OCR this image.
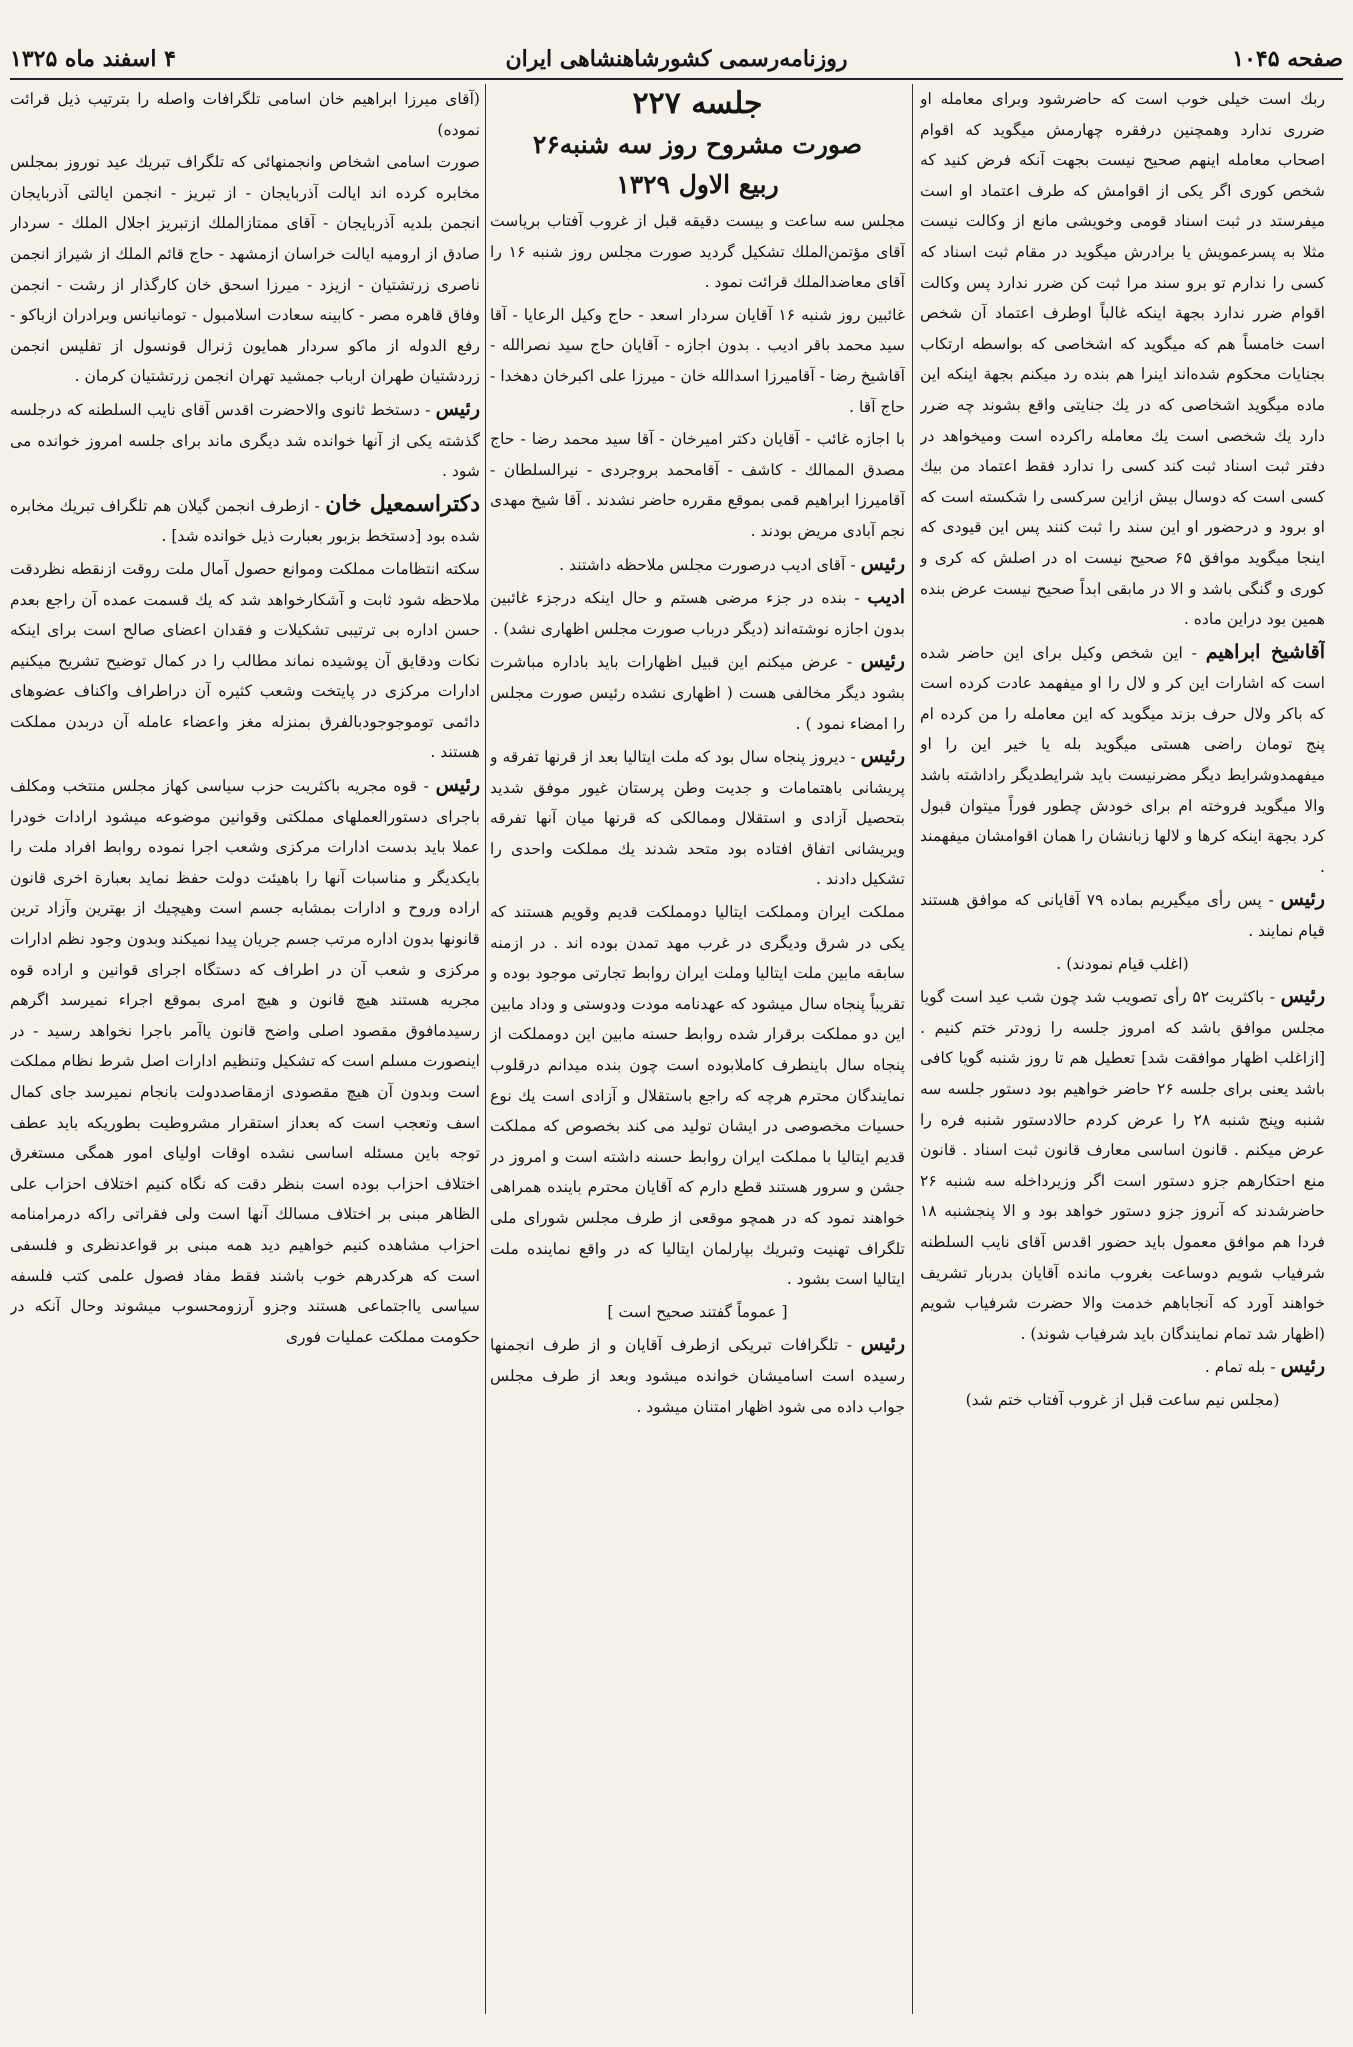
صفحه ۱۰۴۵
روزنامه‌رسمی کشورشاهنشاهی ایران
۴ اسفند ماه ۱۳۲۵

ربك است خیلی خوب است که حاضرشود وبرای معامله او ضرری ندارد وهمچنین درفقره چهارمش میگوید که اقوام اصحاب معامله اینهم صحیح نیست بجهت آنکه فرض کنید که شخص کوری اگر یکی از اقوامش که طرف اعتماد او است میفرستد در ثبت اسناد قومی وخویشی مانع از وکالت نیست مثلا به پسرعمویش یا برادرش میگوید در مقام ثبت اسناد که کسی را ندارم تو برو سند مرا ثبت کن ضرر ندارد پس وکالت اقوام ضرر ندارد بجهة اینکه غالباً اوطرف اعتماد آن شخص است خامساً هم که میگوید که اشخاصی که بواسطه ارتکاب بجنایات محکوم شده‌اند اینرا هم بنده رد میکنم بجهة اینکه این ماده میگوید اشخاصی که در یك جنایتی واقع بشوند چه ضرر دارد یك شخصی است یك معامله راکرده است ومیخواهد در دفتر ثبت اسناد ثبت کند کسی را ندارد فقط اعتماد من بیك کسی است که دوسال بیش ازاین سرکسی را شکسته است که او برود و درحضور او این سند را ثبت کنند پس این قیودی که اینجا میگوید موافق ۶۵ صحیح نیست اه در اصلش که کری و کوری و گنگی باشد و الا در مابقی ابداً صحیح نیست عرض بنده همین بود دراین ماده .

آقاشیخ ابراهیم - این شخص وکیل برای این حاضر شده است که اشارات این کر و لال را او میفهمد عادت کرده است که باکر ولال حرف بزند میگوید که این معامله را من کرده ام پنج تومان راضی هستی میگوید بله یا خیر این را او میفهمدوشرایط دیگر مضرنیست باید شرایطدیگر راداشته باشد والا میگوید فروخته ام برای خودش چطور فوراً میتوان قبول کرد بجهة اینکه کرها و لالها زبانشان را همان اقوامشان میفهمند .

رئیس - پس رأی میگیریم بماده ۷۹ آقایانی که موافق هستند قیام نمایند .

(اغلب قیام نمودند) .

رئیس - باکثریت ۵۲ رأی تصویب شد چون شب عید است گویا مجلس موافق باشد که امروز جلسه را زودتر ختم کنیم . [ازاغلب اظهار موافقت شد] تعطیل هم تا روز شنبه گویا کافی باشد یعنی برای جلسه ۲۶ حاضر خواهیم بود دستور جلسه سه شنبه وپنج شنبه ۲۸ را عرض کردم حالادستور شنبه فره را عرض میکنم . قانون اساسی معارف قانون ثبت اسناد . قانون منع احتکارهم جزو دستور است اگر وزیرداخله سه شنبه ۲۶ حاضرشدند که آنروز جزو دستور خواهد بود و الا پنجشنبه ۱۸ فردا هم موافق معمول باید حضور اقدس آقای نایب السلطنه شرفیاب شویم دوساعت بغروب مانده آقایان بدربار تشریف خواهند آورد که آنجاباهم خدمت والا حضرت شرفیاب شویم (اظهار شد تمام نمایندگان باید شرفیاب شوند) .

رئیس - بله تمام .

(مجلس نیم ساعت قبل از غروب آفتاب ختم شد)

جلسه ۲۲۷

صورت مشروح روز سه شنبه۲۶

ربیع الاول ۱۳۲۹

مجلس سه ساعت و بیست دقیقه قبل از غروب آفتاب بریاست آقای مؤتمن‌الملك تشكیل گردید صورت مجلس روز شنبه ۱۶ را آقای معاضدالملك قرائت نمود .

غائبین روز شنبه ۱۶ آقایان سردار اسعد - حاج وکیل الرعایا - آقا سید محمد باقر ادیب . بدون اجازه - آقایان حاج سید نصرالله - آقاشیخ رضا - آقامیرزا اسدالله خان - میرزا علی اکبرخان دهخدا - حاج آقا .

با اجازه غائب - آقایان دکتر امیرخان - آقا سید محمد رضا - حاج مصدق الممالك - کاشف - آقامحمد بروجردی - نیرالسلطان - آقامیرزا ابراهیم قمی بموقع مقرره حاضر نشدند . آقا شیخ مهدی نجم آبادی مریض بودند .

رئیس - آقای ادیب درصورت مجلس ملاحظه داشتند .

ادیب - بنده در جزء مرضی هستم و حال اینکه درجزء غائبین بدون اجازه نوشته‌اند (دیگر درباب صورت مجلس اظهاری نشد) .

رئیس - عرض میکنم این قبیل اظهارات باید باداره مباشرت بشود دیگر مخالفی هست ( اظهاری نشده رئیس صورت مجلس را امضاء نمود ) .

رئیس - دیروز پنجاه سال بود که ملت ایتالیا بعد از قرنها تفرقه و پریشانی باهتمامات و جدیت وطن پرستان غیور موفق شدید بتحصیل آزادی و استقلال وممالکی که قرنها میان آنها تفرقه ویریشانی اتفاق افتاده بود متحد شدند یك مملکت واحدی را تشکیل دادند .

مملکت ایران ومملکت ایتالیا دومملکت قدیم وقویم هستند که یکی در شرق ودیگری در غرب مهد تمدن بوده اند . در ازمنه سابقه مابین ملت ایتالیا وملت ایران روابط تجارتی موجود بوده و تقریباً پنجاه سال میشود که عهدنامه مودت ودوستی و وداد مابین این دو مملکت برقرار شده روابط حسنه مابین این دومملکت از پنجاه سال باینطرف کاملابوده است چون بنده میدانم درقلوب نمایندگان محترم هرچه که راجع باستقلال و آزادی است یك نوع حسیات مخصوصی در ایشان تولید می کند بخصوص که مملکت قدیم ایتالیا با مملکت ایران روابط حسنه داشته است و امروز در جشن و سرور هستند قطع دارم که آقایان محترم باینده همراهی خواهند نمود که در همچو موقعی از طرف مجلس شورای ملی تلگراف تهنیت وتبریك بپارلمان ایتالیا که در واقع نماینده ملت ایتالیا است بشود .

[ عموماً گفتند صحیح است ]

رئیس - تلگرافات تبریکی ازطرف آقایان و از طرف انجمنها رسیده است اسامیشان خوانده میشود وبعد از طرف مجلس جواب داده می شود اظهار امتنان میشود .

(آقای میرزا ابراهیم خان اسامی تلگرافات واصله را بترتیب ذیل قرائت نموده)

صورت اسامی اشخاص وانجمنهائی که تلگراف تبریك عید نوروز بمجلس مخابره کرده اند ایالت آذربایجان - از تبریز - انجمن ایالتی آذربایجان انجمن بلدیه آذربایجان - آقای ممتازالملك ازتبریز اجلال الملك - سردار صادق از ارومیه ایالت خراسان ازمشهد - حاج قائم الملك از شیراز انجمن ناصری زرتشتیان - ازیزد - میرزا اسحق خان کارگذار از رشت - انجمن وفاق قاهره مصر - کابینه سعادت اسلامبول - تومانیانس وبرادران ازباکو - رفع الدوله از ماکو سردار همایون ژنرال قونسول از تفلیس انجمن زردشتیان طهران ارباب جمشید تهران انجمن زرتشتیان کرمان .

رئیس - دستخط ثانوی والاحضرت اقدس آقای نایب السلطنه که درجلسه گذشته یکی از آنها خوانده شد دیگری ماند برای جلسه امروز خوانده می شود .

دکتراسمعیل خان - ازطرف انجمن گیلان هم تلگراف تبریك مخابره شده بود [دستخط بزبور بعبارت ذیل خوانده شد] .

سکته انتظامات مملکت وموانع حصول آمال ملت روقت ازنقطه نظردقت ملاحظه شود ثابت و آشکارخواهد شد که یك قسمت عمده آن راجع بعدم حسن اداره بی ترتیبی تشکیلات و فقدان اعضای صالح است برای اینکه نکات ودقایق آن پوشیده نماند مطالب را در کمال توضیح تشریح میکنیم ادارات مرکزی در پایتخت وشعب کثیره آن دراطراف واکناف عضوهای دائمی توموجوجودبالفرق بمنزله مغز واعضاء عامله آن دربدن مملکت هستند .

رئیس - قوه مجریه باکثریت حزب سیاسی کهاز مجلس منتخب ومکلف باجرای دستورالعملهای مملکتی وقوانین موضوعه میشود ارادات خودرا عملا باید بدست ادارات مرکزی وشعب اجرا نموده روابط افراد ملت را بایکدیگر و مناسبات آنها را باهیئت دولت حفظ نماید بعبارة اخری قانون اراده وروح و ادارات بمشابه جسم است وهیچیك از بهترین وآزاد ترین قانونها بدون اداره مرتب جسم جریان پیدا نمیکند وبدون وجود نظم ادارات مرکزی و شعب آن در اطراف که دستگاه اجرای قوانین و اراده قوه مجریه هستند هیچ قانون و هیچ امری بموقع اجراء نمیرسد اگرهم رسیدمافوق مقصود اصلی واضح قانون یاآمر باجرا نخواهد رسید - در اینصورت مسلم است که تشکیل وتنظیم ادارات اصل شرط نظام مملکت است وبدون آن هیچ مقصودی ازمقاصددولت بانجام نمیرسد جای کمال اسف وتعجب است که بعداز استقرار مشروطیت بطوریکه باید عطف توجه باین مسئله اساسی نشده اوقات اولیای امور همگی مستغرق اختلاف احزاب بوده است بنظر دقت که نگاه کنیم اختلاف احزاب علی الظاهر مبنی بر اختلاف مسالك آنها است ولی فقراتی راکه درمرامنامه احزاب مشاهده کنیم خواهیم دید همه مبنی بر قواعدنظری و فلسفی است که هرکدرهم خوب باشند فقط مفاد فصول علمی کتب فلسفه سیاسی یااجتماعی هستند وجزو آرزومحسوب میشوند وحال آنکه در حکومت مملکت عملیات فوری
